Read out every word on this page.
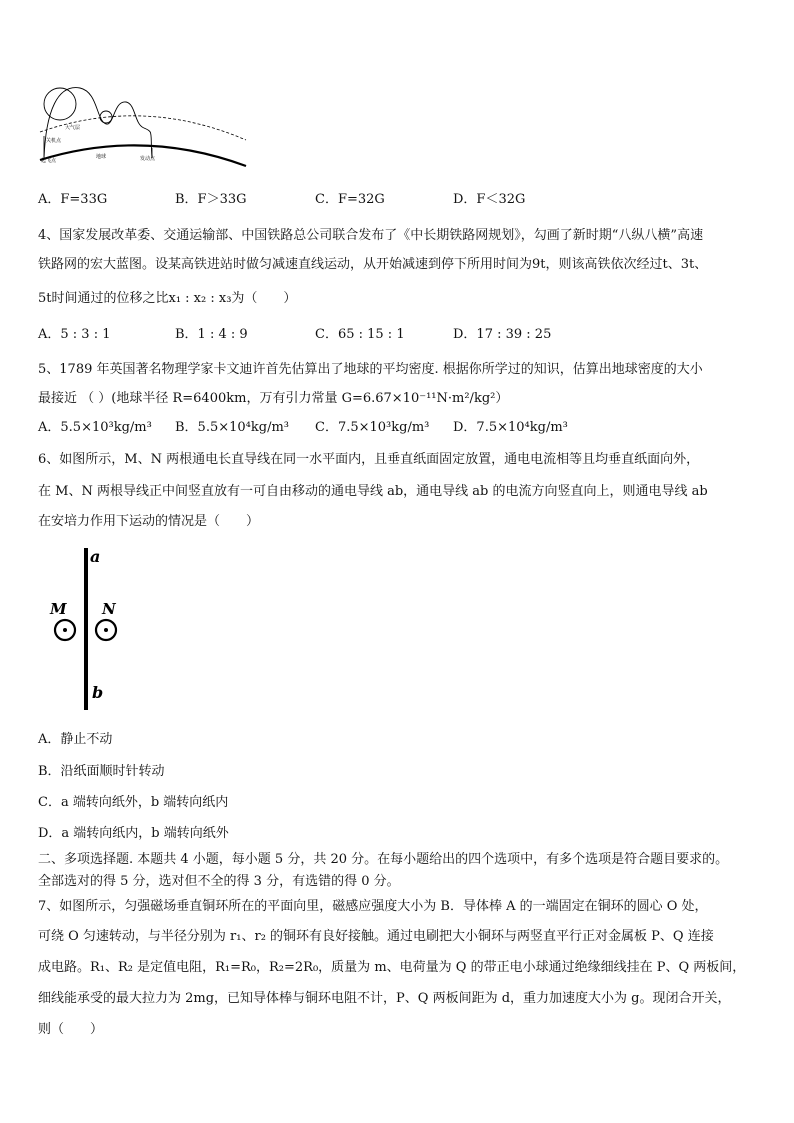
大气层
关机点
起飞点
地球	发动点
A．F=33G	B．F＞33G	C．F=32G	D．F＜32G
4、国家发展改革委、交通运输部、中国铁路总公司联合发布了《中长期铁路网规划》，勾画了新时期“八纵八横”高速
铁路网的宏大蓝图。设某高铁进站时做匀减速直线运动，从开始减速到停下所用时间为9t，则该高铁依次经过t、3t、
5t时间通过的位移之比x₁ : x₂ : x₃为（　　）
A．5 : 3 : 1	B．1 : 4 : 9	C．65 : 15 : 1	D．17 : 39 : 25
5、1789 年英国著名物理学家卡文迪许首先估算出了地球的平均密度. 根据你所学过的知识，估算出地球密度的大小
最接近 （ ）(地球半径 R=6400km，万有引力常量 G=6.67×10⁻¹¹N·m²/kg²）
A．5.5×10³kg/m³ B．5.5×10⁴kg/m³ C．7.5×10³kg/m³ D．7.5×10⁴kg/m³
6、如图所示，M、N 两根通电长直导线在同一水平面内，且垂直纸面固定放置，通电电流相等且均垂直纸面向外，
在 M、N 两根导线正中间竖直放有一可自由移动的通电导线 ab，通电导线 ab 的电流方向竖直向上，则通电导线 ab
在安培力作用下运动的情况是（　　）
a
b
M N
A．静止不动
B．沿纸面顺时针转动
C．a 端转向纸外，b 端转向纸内
D．a 端转向纸内，b 端转向纸外
二、多项选择题. 本题共 4 小题，每小题 5 分，共 20 分。在每小题给出的四个选项中，有多个选项是符合题目要求的。
全部选对的得 5 分，选对但不全的得 3 分，有选错的得 0 分。
7、如图所示，匀强磁场垂直铜环所在的平面向里，磁感应强度大小为 B．导体棒 A 的一端固定在铜环的圆心 O 处，
可绕 O 匀速转动，与半径分别为 r₁、r₂ 的铜环有良好接触。通过电刷把大小铜环与两竖直平行正对金属板 P、Q 连接
成电路。R₁、R₂ 是定值电阻，R₁=R₀，R₂=2R₀，质量为 m、电荷量为 Q 的带正电小球通过绝缘细线挂在 P、Q 两板间，
细线能承受的最大拉力为 2mg，已知导体棒与铜环电阻不计，P、Q 两板间距为 d，重力加速度大小为 g。现闭合开关，
则（　　）
